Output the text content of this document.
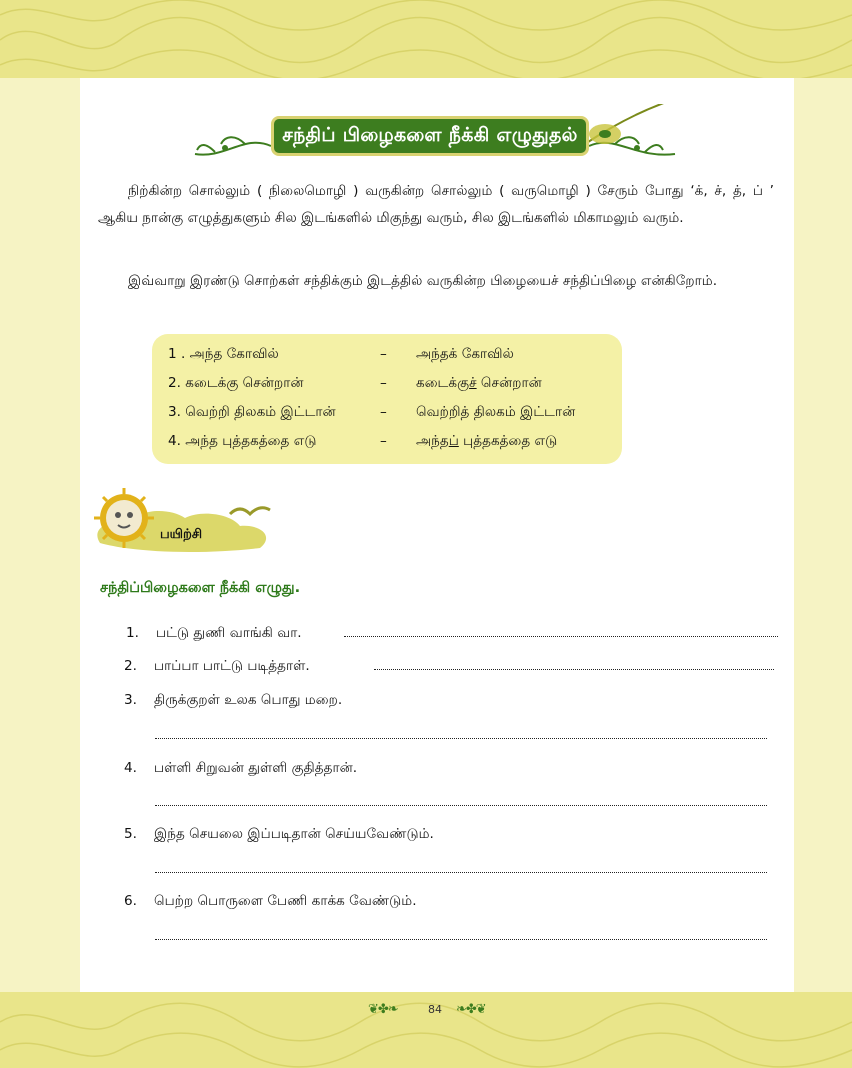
சந்திப் பிழைகளை நீக்கி எழுதுதல்
நிற்கின்ற சொல்லும் ( நிலைமொழி ) வருகின்ற சொல்லும் ( வருமொழி ) சேரும் போது ‘க், ச், த், ப் ’ ஆகிய நான்கு எழுத்துகளும் சில இடங்களில் மிகுந்து வரும், சில இடங்களில் மிகாமலும் வரும்.
இவ்வாறு இரண்டு சொற்கள் சந்திக்கும் இடத்தில் வருகின்ற பிழையைச் சந்திப்பிழை என்கிறோம்.
1 . அந்த கோவில்	– அந்தக் கோவில்
2. கடைக்கு சென்றான்	– கடைக்குச் சென்றான்
3. வெற்றி திலகம் இட்டான்	– வெற்றித் திலகம் இட்டான்
4. அந்த புத்தகத்தை எடு	– அந்தப் புத்தகத்தை எடு
பயிற்சி
சந்திப்பிழைகளை நீக்கி எழுது.
1. பட்டு துணி வாங்கி வா.
2. பாப்பா பாட்டு படித்தாள்.
3. திருக்குறள் உலக பொது மறை.
4. பள்ளி சிறுவன் துள்ளி குதித்தான்.
5. இந்த செயலை இப்படிதான் செய்யவேண்டும்.
6. பெற்ற பொருளை பேணி காக்க வேண்டும்.
❦✤❧	84 ❧✤❦
